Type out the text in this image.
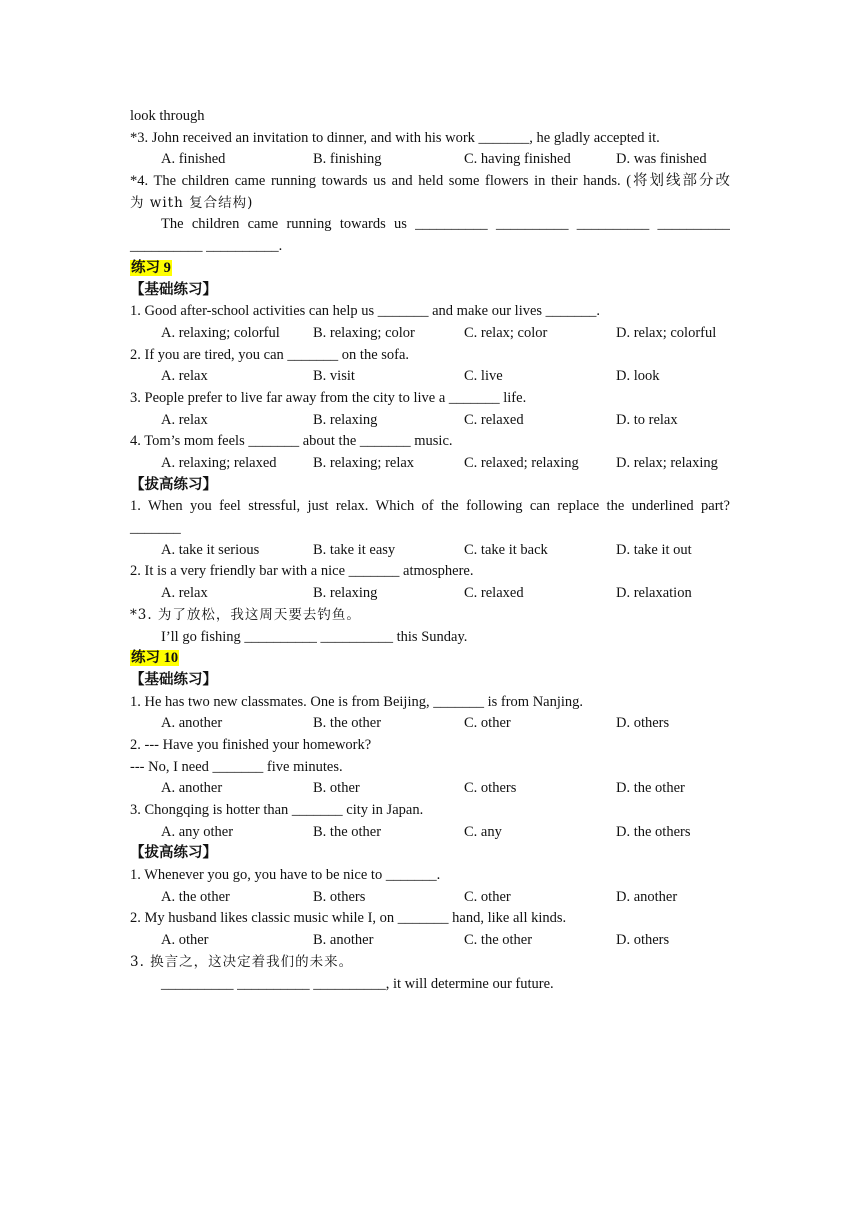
look through
*3. John received an invitation to dinner, and with his work _______, he gladly accepted it.
A. finished	B. finishing	C. having finished	D. was finished
*4. The children came running towards us and held some flowers in their hands. (将划线部分改
为 with 复合结构)
The children came running towards us __________ __________ __________ __________
__________ __________.
练习 9
【基础练习】
1. Good after-school activities can help us _______ and make our lives _______.
A. relaxing; colorful	B. relaxing; color	C. relax; color	D. relax; colorful
2. If you are tired, you can _______ on the sofa.
A. relax	B. visit	C. live	D. look
3. People prefer to live far away from the city to live a _______ life.
A. relax	B. relaxing	C. relaxed	D. to relax
4. Tom’s mom feels _______ about the _______ music.
A. relaxing; relaxed	B. relaxing; relax	C. relaxed; relaxing	D. relax; relaxing
【拔高练习】
1. When you feel stressful, just relax. Which of the following can replace the underlined part?
_______
A. take it serious	B. take it easy	C. take it back	D. take it out
2. It is a very friendly bar with a nice _______ atmosphere.
A. relax	B. relaxing	C. relaxed	D. relaxation
*3. 为了放松，我这周天要去钓鱼。
I’ll go fishing __________ __________ this Sunday.
练习 10
【基础练习】
1. He has two new classmates. One is from Beijing, _______ is from Nanjing.
A. another	B. the other	C. other	D. others
2. --- Have you finished your homework?
--- No, I need _______ five minutes.
A. another	B. other	C. others	D. the other
3. Chongqing is hotter than _______ city in Japan.
A. any other	B. the other	C. any	D. the others
【拔高练习】
1. Whenever you go, you have to be nice to _______.
A. the other	B. others	C. other	D. another
2. My husband likes classic music while I, on _______ hand, like all kinds.
A. other	B. another	C. the other	D. others
3. 换言之，这决定着我们的未来。
__________ __________ __________, it will determine our future.
